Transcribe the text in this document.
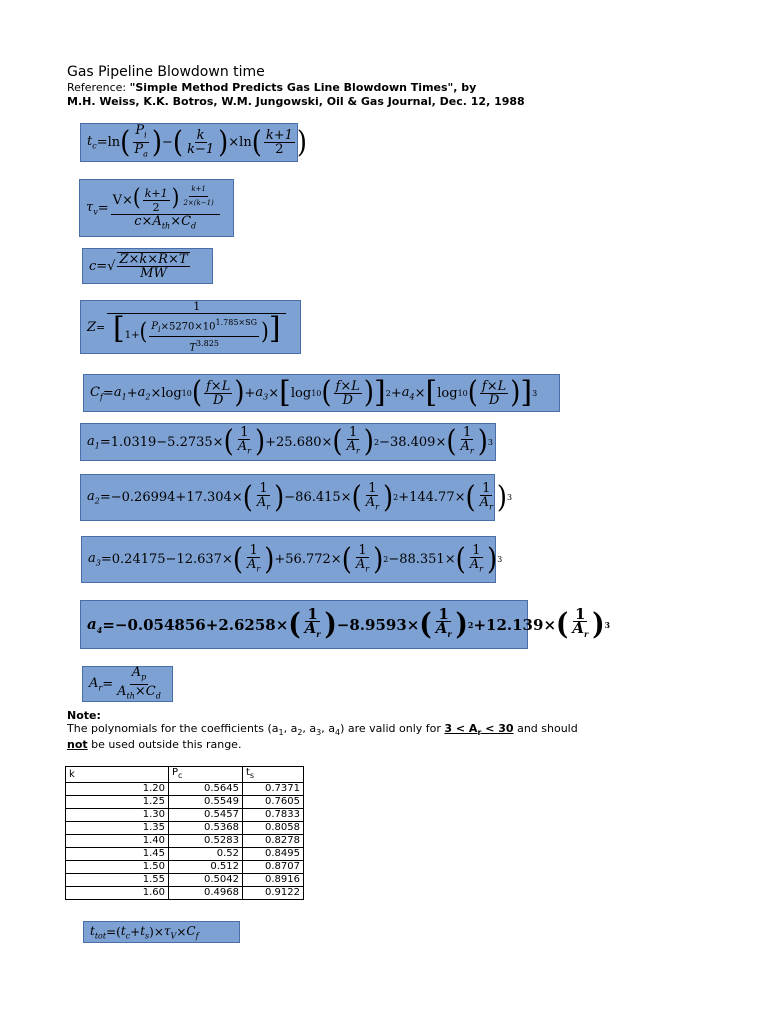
Gas Pipeline Blowdown time
Reference: "Simple Method Predicts Gas Line Blowdown Times", by
M.H. Weiss, K.K. Botros, W.M. Jungowski, Oil & Gas Journal, Dec. 12, 1988
$t_c =\ln$ ( $\frac{P_i}{P_a}$ ) − ( $\frac{k}{k-1}$ ) ×ln ( $\frac{k+1}{2}$ )
$\tau_v = V\times( \frac{k+1}{2}$ ) $^{\frac{k+1}{2\times(k-1)}}$
$c\times A_{th}\times C_d$
c =√ $\frac{Z\times k\times R\times T}{MW}$
$Z = \frac{1}{[1+( \frac{P_i\times 5270\times 10^{1.785\times SG}}{T^{3.825}} )]}$
$C_f = a_1 + a_2 \times\log$ 10 ( $\frac{f\times L}{D}$ ) + $a_3$ × [ log 10 ( $\frac{f\times L}{D}$ ) ] $2 + a_4$ × [ log 10 ( $\frac{f\times L}{D}$ ) ] 3
$a_1 = 1.0319 - 5.2735$ × ( $\frac{1}{A_r}$ ) + 25.680 × ( $\frac{1}{A_r}$ ) 2 − 38.409 × ( $\frac{1}{A_r}$ ) 3
$a_2 =- 0.26994 + 17.304$ × ( $\frac{1}{A_r}$ ) − 86.415 × ( $\frac{1}{A_r}$ ) 2 + 144.77 × ( $\frac{1}{A_r}$ ) 3
$a_3 = 0.24175 - 12.637$ × ( $\frac{1}{A_r}$ ) + 56.772 × ( $\frac{1}{A_r}$ ) 2 − 88.351 × ( $\frac{1}{A_r}$ ) 3
$a_4 =- 0.054856 + 2.6258$ × ( $\frac{1}{A_r}$ ) − 8.9593 × ( $\frac{1}{A_r}$ ) 2 + 12.139 × ( $\frac{1}{A_r}$ ) 3
$A_r = \frac{A_p}{A_{th}\times C_d}$
Note:
The polynomials for the coefficients ($a_1$, $a_2$, $a_3$, $a_4$) are valid only for $3 < A_r < 30$ and should
not be used outside this range.
k	$P_c$	$t_s$
1.20	0.5645	0.7371
1.25	0.5549	0.7605
1.30	0.5457	0.7833
1.35	0.5368	0.8058
1.40	0.5283	0.8278
1.45	0.52	0.8495
1.50	0.512	0.8707
1.55	0.5042	0.8916
1.60	0.4968	0.9122
$t_{tot}$ =( $t_c + t_s$ )× $\tau_V \times C_f$
